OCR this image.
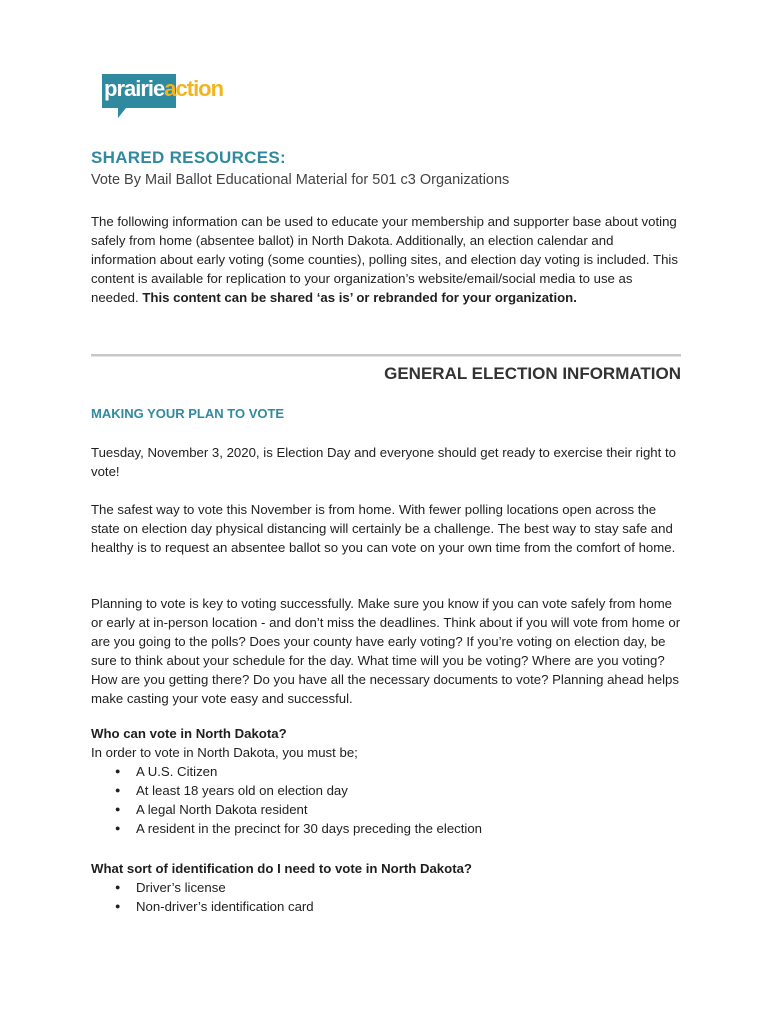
prairieaction
SHARED RESOURCES:
Vote By Mail Ballot Educational Material for 501 c3 Organizations

The following information can be used to educate your membership and supporter base about voting safely from home (absentee ballot) in North Dakota. Additionally, an election calendar and information about early voting (some counties), polling sites, and election day voting is included. This content is available for replication to your organization’s website/email/social media to use as needed. This content can be shared ‘as is’ or rebranded for your organization.

GENERAL ELECTION INFORMATION
MAKING YOUR PLAN TO VOTE

Tuesday, November 3, 2020, is Election Day and everyone should get ready to exercise their right to vote!

The safest way to vote this November is from home. With fewer polling locations open across the state on election day physical distancing will certainly be a challenge. The best way to stay safe and healthy is to request an absentee ballot so you can vote on your own time from the comfort of home.

Planning to vote is key to voting successfully. Make sure you know if you can vote safely from home or early at in-person location - and don’t miss the deadlines. Think about if you will vote from home or are you going to the polls? Does your county have early voting? If you’re voting on election day, be sure to think about your schedule for the day. What time will you be voting? Where are you voting? How are you getting there? Do you have all the necessary documents to vote? Planning ahead helps make casting your vote easy and successful.

Who can vote in North Dakota?

In order to vote in North Dakota, you must be;

● A U.S. Citizen
● At least 18 years old on election day
● A legal North Dakota resident
● A resident in the precinct for 30 days preceding the election

What sort of identification do I need to vote in North Dakota?

● Driver’s license
● Non-driver’s identification card
